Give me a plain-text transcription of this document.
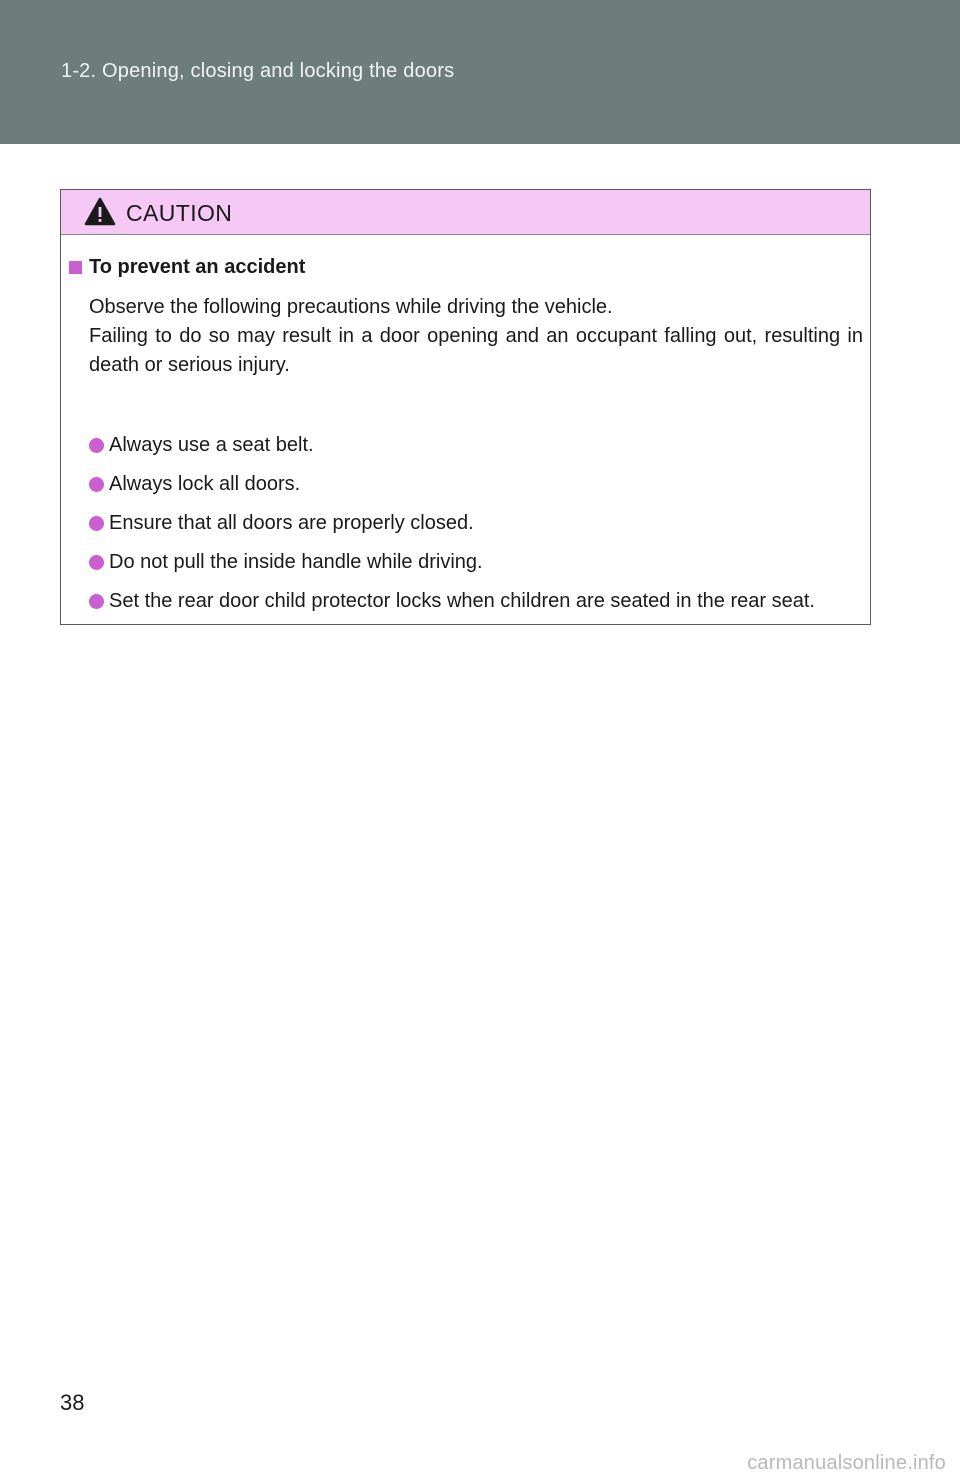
1-2. Opening, closing and locking the doors
CAUTION
To prevent an accident

Observe the following precautions while driving the vehicle.
Failing to do so may result in a door opening and an occupant falling out, resulting in death or serious injury.

Always use a seat belt.
Always lock all doors.
Ensure that all doors are properly closed.
Do not pull the inside handle while driving.
Set the rear door child protector locks when children are seated in the rear seat.
38
carmanualsonline.info
